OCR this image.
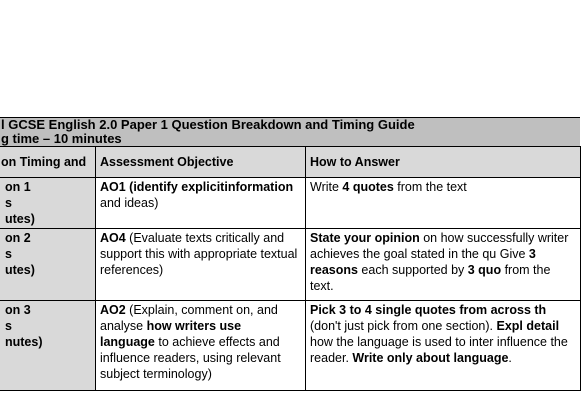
l GCSE English 2.0 Paper 1 Question Breakdown and Timing Guide
g time – 10 minutes
on Timing and	Assessment Objective	How to Answer

on 1
s
utes)	AO1 (identify explicitinformation and ideas)	Write 4 quotes from the text

on 2
s
utes)	AO4 (Evaluate texts critically and support this with appropriate textual references)	State your opinion on how successfully writer achieves the goal stated in the qu Give 3 reasons each supported by 3 quo from the text.

on 3
s
nutes)	AO2 (Explain, comment on, and analyse how writers use language to achieve effects and influence readers, using relevant subject terminology)	Pick 3 to 4 single quotes from across th (don't just pick from one section). Expl detail how the language is used to inter influence the reader. Write only about language.
